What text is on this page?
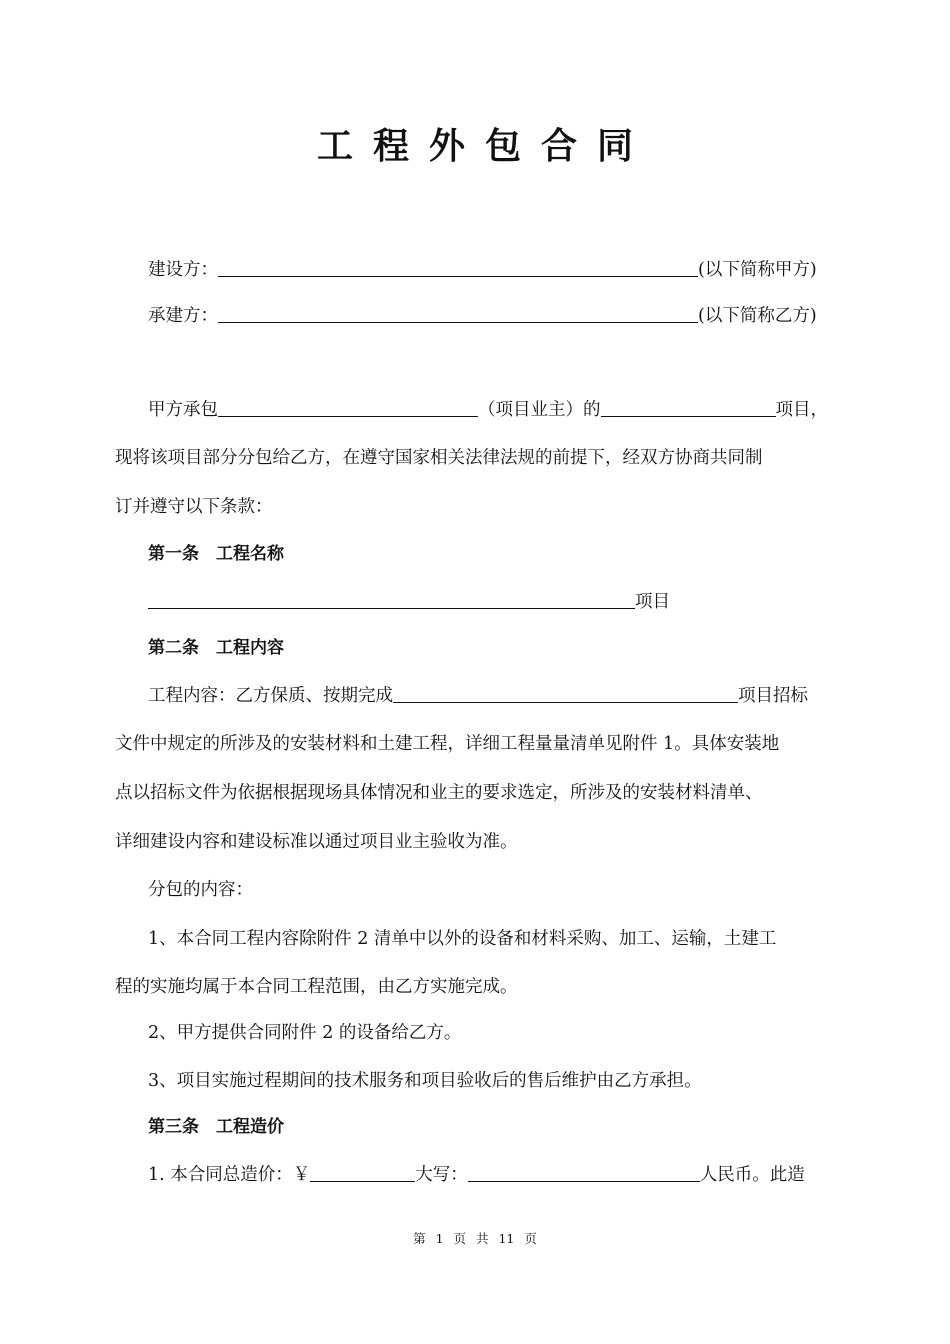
工程外包合同
建设方：	(以下简称甲方)
承建方：	(以下简称乙方)
甲方承包	（项目业主）的	项目，
现将该项目部分分包给乙方，在遵守国家相关法律法规的前提下，经双方协商共同制
订并遵守以下条款：
第一条　工程名称
项目
第二条　工程内容
工程内容：乙方保质、按期完成	项目招标
文件中规定的所涉及的安装材料和土建工程，详细工程量量清单见附件 1。具体安装地
点以招标文件为依据根据现场具体情况和业主的要求选定，所涉及的安装材料清单、
详细建设内容和建设标准以通过项目业主验收为准。
分包的内容：
1、本合同工程内容除附件 2 清单中以外的设备和材料采购、加工、运输，土建工
程的实施均属于本合同工程范围，由乙方实施完成。
2、甲方提供合同附件 2 的设备给乙方。
3、项目实施过程期间的技术服务和项目验收后的售后维护由乙方承担。
第三条　工程造价
1. 本合同总造价：￥	大写：	人民币。此造
第 1 页 共 11 页
